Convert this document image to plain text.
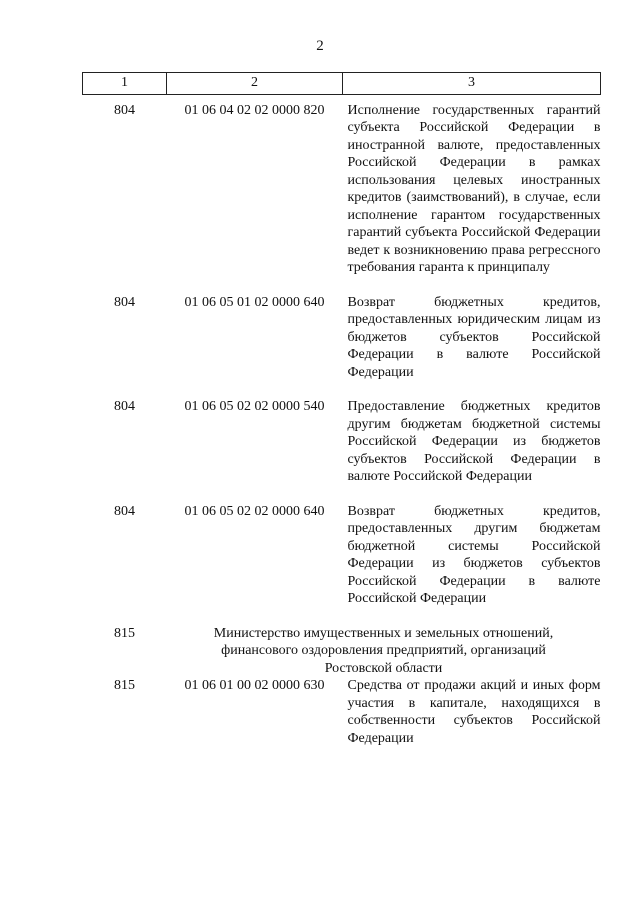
2
1	2	3
804	01 06 04 02 02 0000 820	Исполнение государственных гарантий субъекта Российской Федерации в иностранной валюте, предоставленных Российской Федерации в рамках использования целевых иностранных кредитов (заимствований), в случае, если исполнение гарантом государственных гарантий субъекта Российской Федерации ведет к возникновению права регрессного требования гаранта к принципалу
804	01 06 05 01 02 0000 640	Возврат бюджетных кредитов, предоставленных юридическим лицам из бюджетов субъектов Российской Федерации в валюте Российской Федерации
804	01 06 05 02 02 0000 540	Предоставление бюджетных кредитов другим бюджетам бюджетной системы Российской Федерации из бюджетов субъектов Российской Федерации в валюте Российской Федерации
804	01 06 05 02 02 0000 640	Возврат бюджетных кредитов, предоставленных другим бюджетам бюджетной системы Российской Федерации из бюджетов субъектов Российской Федерации в валюте Российской Федерации
815	Министерство имущественных и земельных отношений,
финансового оздоровления предприятий, организаций
Ростовской области	

815	01 06 01 00 02 0000 630	Средства от продажи акций и иных форм участия в капитале, находящихся в собственности субъектов Российской Федерации
